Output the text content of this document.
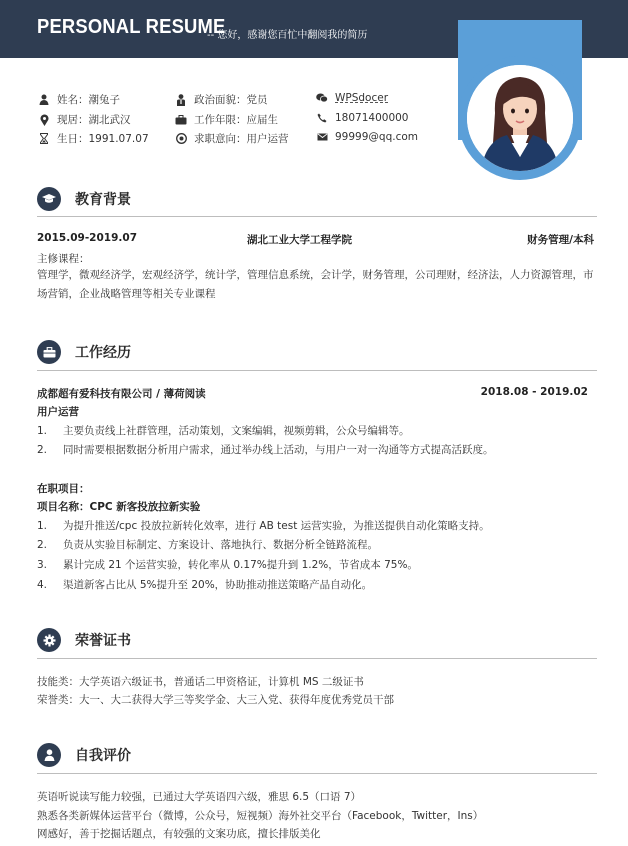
PERSONAL RESUME
-- 您好，感谢您百忙中翻阅我的简历
姓名：潮兔子	政治面貌：党员	WPSdocer
现居：湖北武汉	工作年限：应届生	18071400000
生日：1991.07.07	求职意向：用户运营	99999@qq.com
教育背景
2015.09-2019.07	湖北工业大学工程学院	财务管理/本科
主修课程：
管理学，微观经济学，宏观经济学，统计学，管理信息系统，会计学，财务管理，公司理财，经济法，人力资源管理，市场营销，企业战略管理等相关专业课程
工作经历
成都超有爱科技有限公司 / 薄荷阅读	2018.08 - 2019.02
用户运营
1. 主要负责线上社群管理，活动策划，文案编辑，视频剪辑，公众号编辑等。
2. 同时需要根据数据分析用户需求，通过举办线上活动，与用户一对一沟通等方式提高活跃度。
在职项目：
项目名称：CPC 新客投放拉新实验
1. 为提升推送/cpc 投放拉新转化效率，进行 AB test 运营实验，为推送提供自动化策略支持。
2. 负责从实验目标制定、方案设计、落地执行、数据分析全链路流程。
3. 累计完成 21 个运营实验，转化率从 0.17%提升到 1.2%，节省成本 75%。
4. 渠道新客占比从 5%提升至 20%，协助推动推送策略产品自动化。
荣誉证书
技能类：大学英语六级证书，普通话二甲资格证，计算机 MS 二级证书
荣誉类：大一、大二获得大学三等奖学金、大三入党、获得年度优秀党员干部
自我评价
英语听说读写能力较强，已通过大学英语四六级，雅思 6.5（口语 7）
熟悉各类新媒体运营平台（微博，公众号，短视频）海外社交平台（Facebook，Twitter，Ins）
网感好，善于挖掘话题点，有较强的文案功底，擅长排版美化
